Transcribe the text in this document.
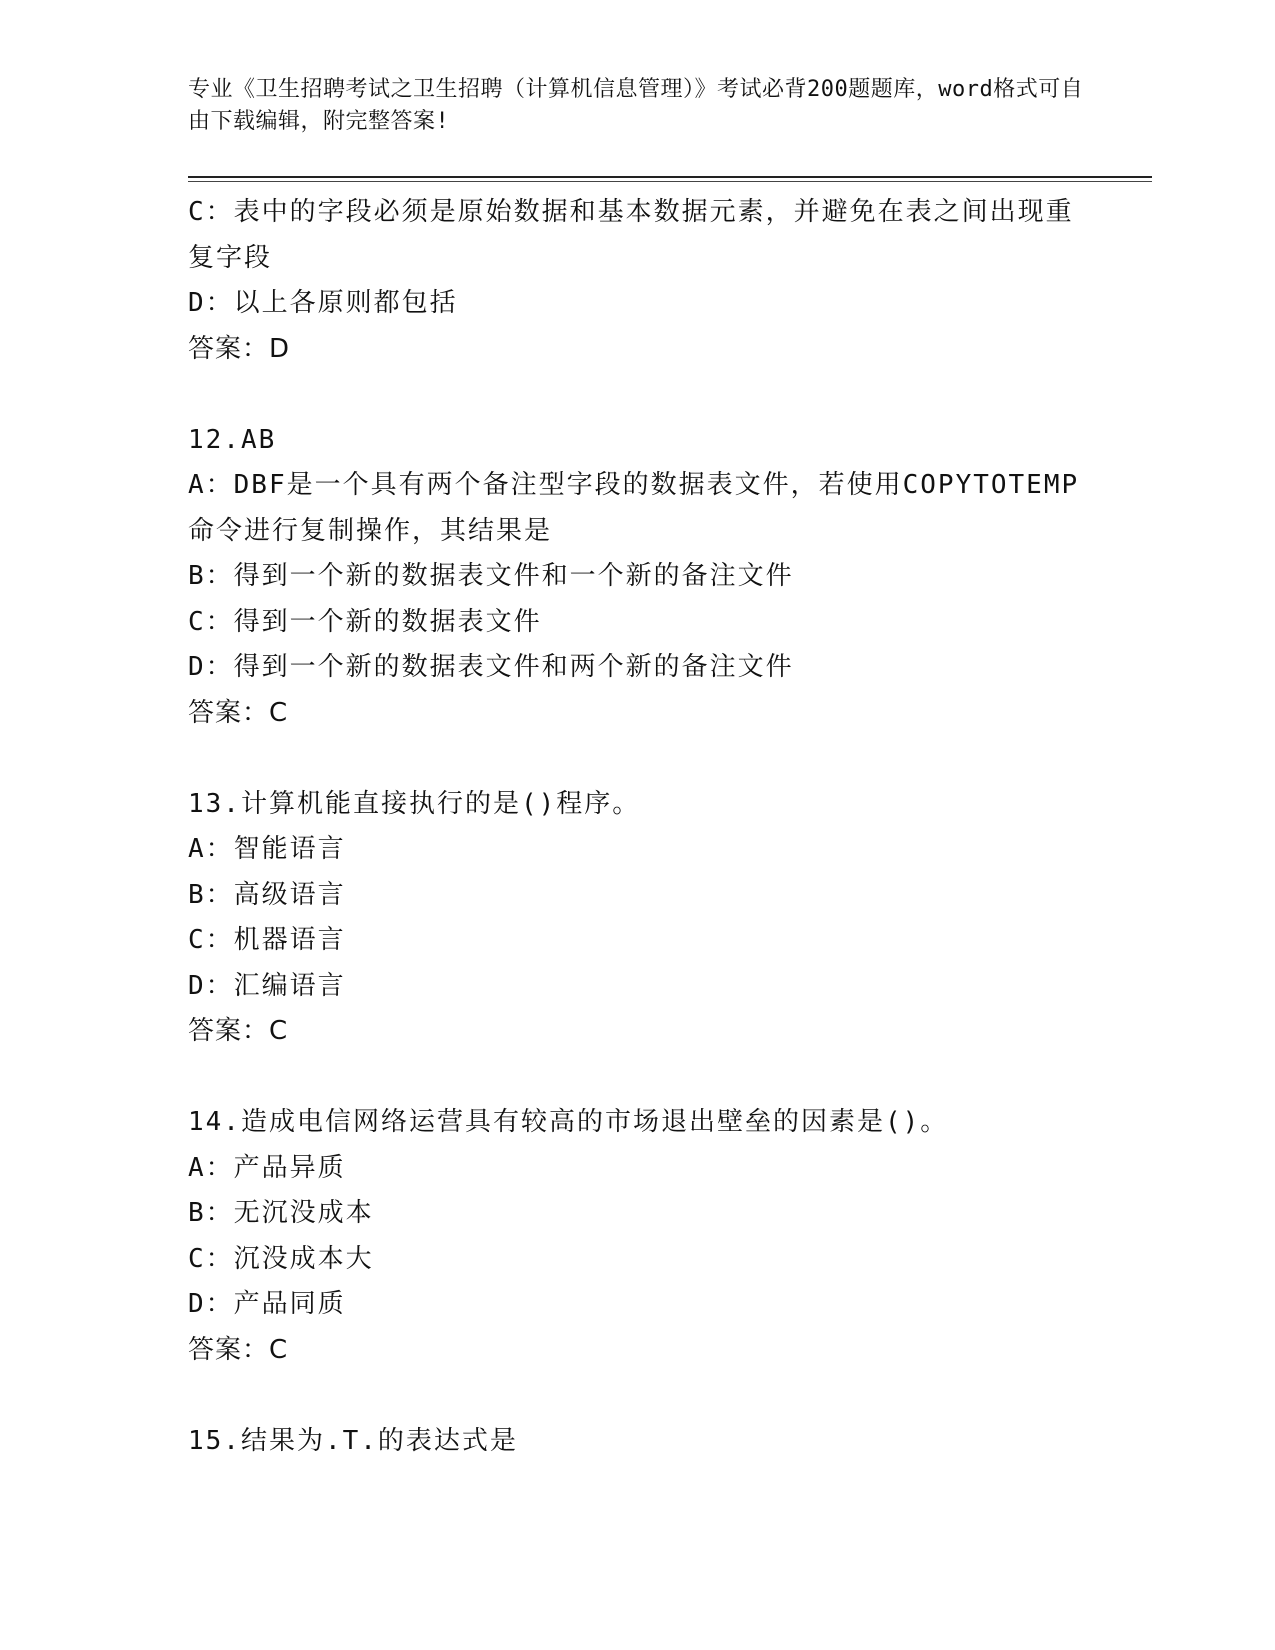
专业《卫生招聘考试之卫生招聘（计算机信息管理）》考试必背200题题库，word格式可自由下载编辑，附完整答案!
C：表中的字段必须是原始数据和基本数据元素，并避免在表之间出现重复字段
D：以上各原则都包括
答案：D
12.AB
A：DBF是一个具有两个备注型字段的数据表文件，若使用COPYTOTEMP命令进行复制操作，其结果是
B：得到一个新的数据表文件和一个新的备注文件
C：得到一个新的数据表文件
D：得到一个新的数据表文件和两个新的备注文件
答案：C
13.计算机能直接执行的是()程序。
A：智能语言
B：高级语言
C：机器语言
D：汇编语言
答案：C
14.造成电信网络运营具有较高的市场退出壁垒的因素是()。
A：产品异质
B：无沉没成本
C：沉没成本大
D：产品同质
答案：C
15.结果为.T.的表达式是
